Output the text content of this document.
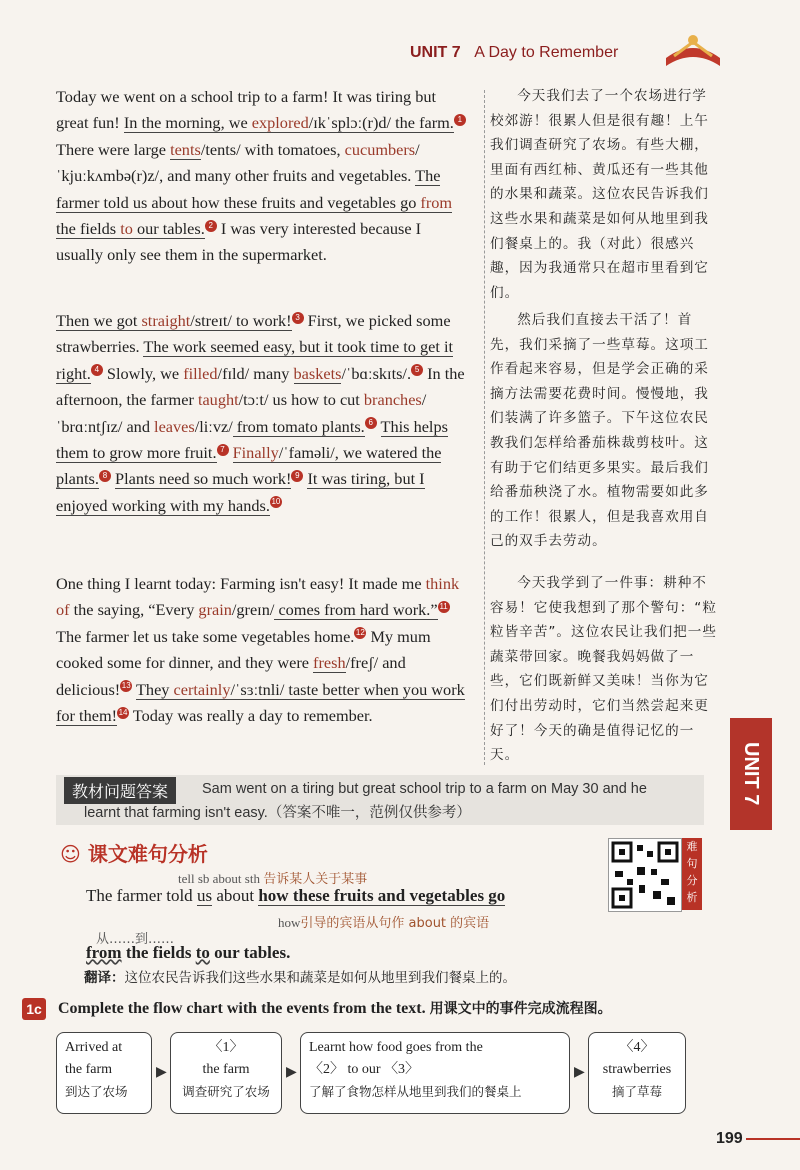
UNIT 7 A Day to Remember

Today we went on a school trip to a farm! It was tiring but great fun! In the morning, we explored/ɪkˈsplɔː(r)d/ the farm. 1 There were large tents/tents/ with tomatoes, cucumbers/ˈkjuːkʌmbə(r)z/, and many other fruits and vegetables. The farmer told us about how these fruits and vegetables go from the fields to our tables. 2 I was very interested because I usually only see them in the supermarket.

Then we got straight/streɪt/ to work! 3 First, we picked some strawberries. The work seemed easy, but it took time to get it right. 4 Slowly, we filled/fɪld/ many baskets/ˈbɑːskɪts/. 5 In the afternoon, the farmer taught/tɔːt/ us how to cut branches/ˈbrɑːntʃɪz/ and leaves/liːvz/ from tomato plants. 6 This helps them to grow more fruit. 7 Finally/ˈfaməli/, we watered the plants. 8 Plants need so much work! 9 It was tiring, but I enjoyed working with my hands. 10

One thing I learnt today: Farming isn't easy! It made me think of the saying, “Every grain/greɪn/ comes from hard work.” 11 The farmer let us take some vegetables home. 12 My mum cooked some for dinner, and they were fresh/freʃ/ and delicious! 13 They certainly/ˈsɜːtnli/ taste better when you work for them! 14 Today was really a day to remember.

今天我们去了一个农场进行学校郊游！很累人但是很有趣！上午我们调查研究了农场。有些大棚，里面有西红柿、黄瓜还有一些其他的水果和蔬菜。这位农民告诉我们这些水果和蔬菜是如何从地里到我们餐桌上的。我（对此）很感兴趣，因为我通常只在超市里看到它们。

然后我们直接去干活了！首先，我们采摘了一些草莓。这项工作看起来容易，但是学会正确的采摘方法需要花费时间。慢慢地，我们装满了许多篮子。下午这位农民教我们怎样给番茄株裁剪枝叶。这有助于它们结更多果实。最后我们给番茄秧浇了水。植物需要如此多的工作！很累人，但是我喜欢用自己的双手去劳动。

今天我学到了一件事：耕种不容易！它使我想到了那个警句：“粒粒皆辛苦”。这位农民让我们把一些蔬菜带回家。晚餐我妈妈做了一些，它们既新鲜又美味！当你为它们付出劳动时，它们当然尝起来更好了！今天的确是值得记忆的一天。	UNIT 7
教材问题答案	Sam went on a tiring but great school trip to a farm on May 30 and he
learnt that farming isn't easy.（答案不唯一，范例仅供参考）
☺ 课文难句分析	难句分析
tell sb about sth 告诉某人关于某事
The farmer told us about how these fruits and vegetables go
how引导的宾语从句作 about 的宾语
从……到……
from the fields to our tables.
翻译：这位农民告诉我们这些水果和蔬菜是如何从地里到我们餐桌上的。
1c Complete the flow chart with the events from the text. 用课文中的事件完成流程图。
Arrived at
the farm
到达了农场
▶
〈1〉
the farm
调查研究了农场
▶
Learnt how food goes from the
〈2〉 to our 〈3〉
了解了食物怎样从地里到我们的餐桌上
▶
〈4〉
strawberries
摘了草莓
199
